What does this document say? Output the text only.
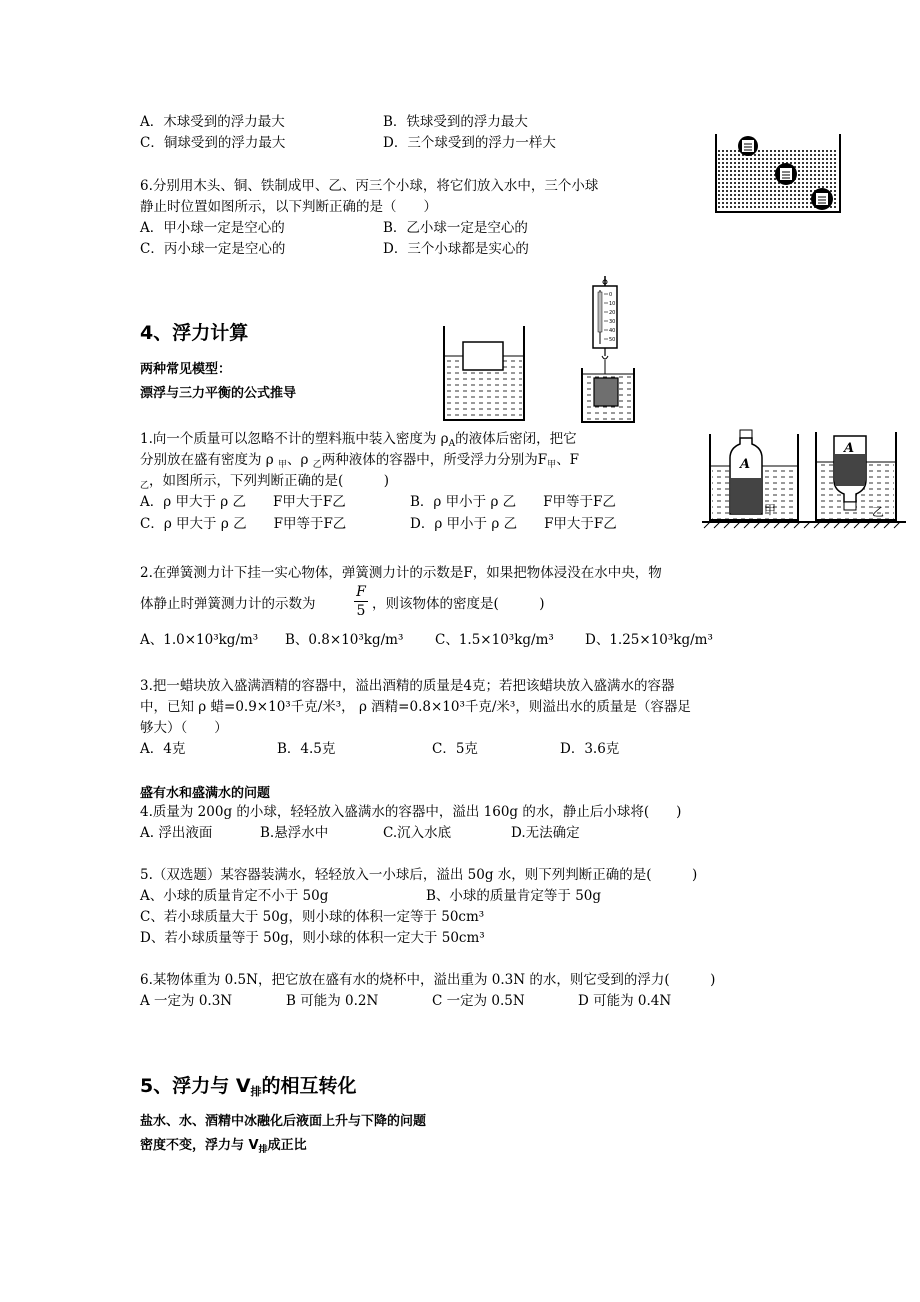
A．木球受到的浮力最大	B．铁球受到的浮力最大
C．铜球受到的浮力最大	D．三个球受到的浮力一样大
6.分别用木头、铜、铁制成甲、乙、丙三个小球，将它们放入水中，三个小球
静止时位置如图所示，以下判断正确的是（　　）
A．甲小球一定是空心的	B．乙小球一定是空心的
C．丙小球一定是空心的	D．三个小球都是实心的
4、浮力计算
两种常见模型：
漂浮与三力平衡的公式推导
0
10
20
30
40
50
1.向一个质量可以忽略不计的塑料瓶中装入密度为 $\rho_A$的液体后密闭，把它
分别放在盛有密度为 ρ $_甲$、ρ $_乙$两种液体的容器中，所受浮力分别为$F_甲$、F
$_乙$，如图所示，下列判断正确的是(　　　)
A．ρ 甲大于 ρ 乙　　F甲大于F乙	B．ρ 甲小于 ρ 乙　　F甲等于F乙
C．ρ 甲大于 ρ 乙　　F甲等于F乙	D．ρ 甲小于 ρ 乙　　F甲大于F乙
A
甲
A
乙
2.在弹簧测力计下挂一实心物体，弹簧测力计的示数是F，如果把物体浸没在水中央，物
体静止时弹簧测力计的示数为	$\frac{F}{5}$ ，则该物体的密度是(　　　)
A、1.0×10³kg/m³ B、0.8×10³kg/m³ C、1.5×10³kg/m³ D、1.25×10³kg/m³
3.把一蜡块放入盛满酒精的容器中，溢出酒精的质量是4克；若把该蜡块放入盛满水的容器
中，已知 ρ 蜡=0.9×10³千克/米³， ρ 酒精=0.8×10³千克/米³，则溢出水的质量是（容器足
够大）（　　）
A．4克	B．4.5克	C．5克	D．3.6克
盛有水和盛满水的问题
4.质量为 200g 的小球，轻轻放入盛满水的容器中，溢出 160g 的水，静止后小球将(　　)
A. 浮出液面	B.悬浮水中	C.沉入水底	D.无法确定
5.（双选题）某容器装满水，轻轻放入一小球后，溢出 50g 水，则下列判断正确的是(　　　)
A、小球的质量肯定不小于 50g	B、小球的质量肯定等于 50g
C、若小球质量大于 50g，则小球的体积一定等于 50cm³
D、若小球质量等于 50g，则小球的体积一定大于 50cm³
6.某物体重为 0.5N，把它放在盛有水的烧杯中，溢出重为 0.3N 的水，则它受到的浮力(　　　)
A 一定为 0.3N	B 可能为 0.2N	C 一定为 0.5N	D 可能为 0.4N
5、浮力与 $V_排$的相互转化
盐水、水、酒精中冰融化后液面上升与下降的问题
密度不变，浮力与 $V_排$成正比
